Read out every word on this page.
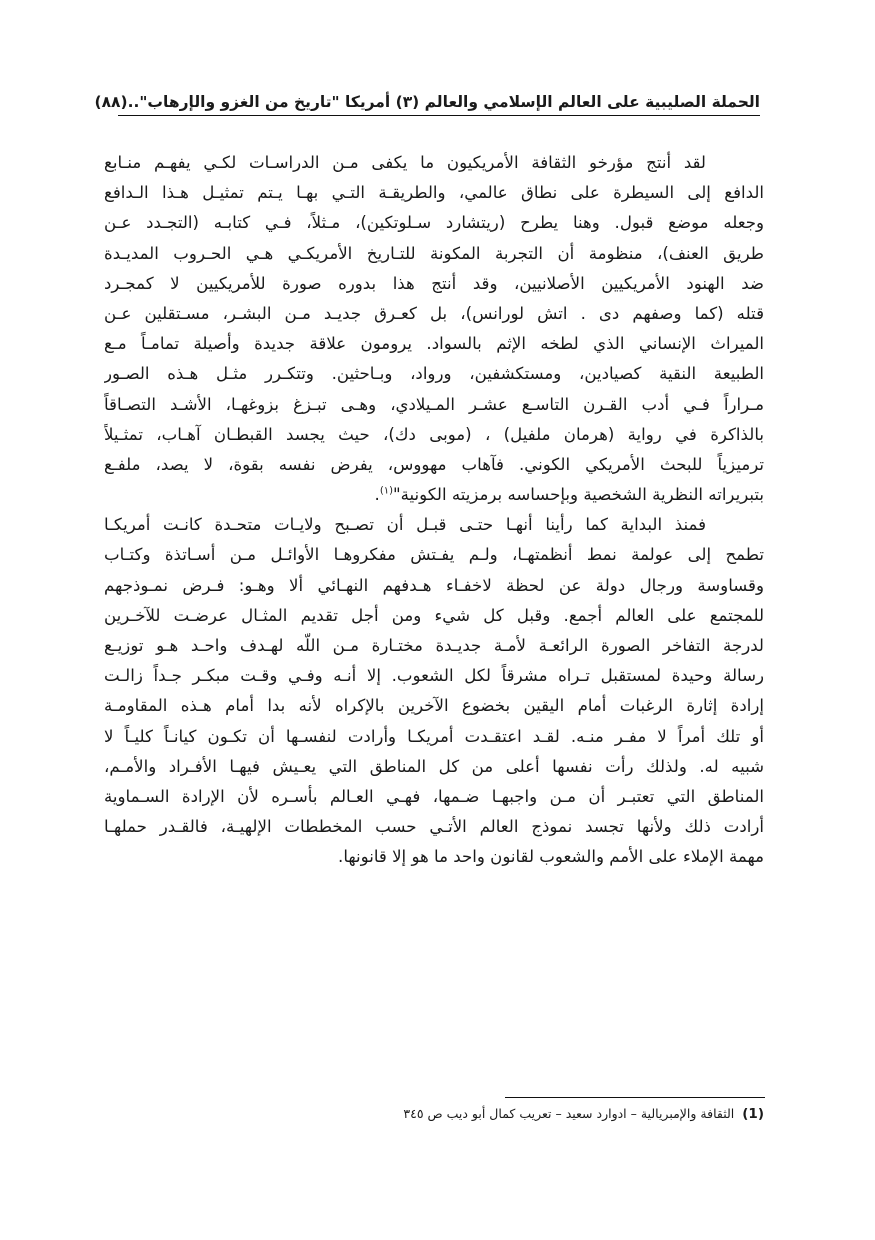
الحملة الصليبية على العالم الإسلامي والعالم (٣) أمريكا "تاريخ من الغزو والإرهاب"..
(٨٨)
لقد أنتج مؤرخو الثقافة الأمريكيون ما يكفى مـن الدراسـات لكـي يفهـم منـابع
الدافع إلى السيطرة على نطاق عالمي، والطريقـة التـي بهـا يـتم تمثيـل هـذا الـدافع
وجعله موضع قبول. وهنا يطرح (ريتشارد سـلوتكين)، مـثلاً، فـي كتابـه (التجـدد عـن
طريق العنف)، منظومة أن التجربة المكونة للتـاريخ الأمريكـي هـي الحـروب المديـدة
ضد الهنود الأمريكيين الأصلانيين، وقد أنتج هذا بدوره صورة للأمريكيين لا كمجـرد
قتله (كما وصفهم دى . اتش لورانس)، بل كعـرق جديـد مـن البشـر، مسـتقلين عـن
الميراث الإنساني الذي لطخه الإثم بالسواد. يرومون علاقة جديدة وأصيلة تمامـاً مـع
الطبيعة النقية كصيادين، ومستكشفين، ورواد، وبـاحثين. وتتكـرر مثـل هـذه الصـور
مـراراً فـي أدب القـرن التاسـع عشـر المـيلادي، وهـى تبـزغ بزوغهـا، الأشـد التصـاقاً
بالذاكرة في رواية (هرمان ملفيل) ، (موبى دك)، حيث يجسد القبطـان آهـاب، تمثـيلاً
ترميزياً للبحث الأمريكي الكوني. فآهاب مهووس، يفرض نفسه بقوة، لا يصد، ملفـع
بتبريراته النظرية الشخصية وبإحساسه برمزيته الكونية"$^{(١)}$.
فمنذ البداية كما رأينا أنهـا حتـى قبـل أن تصـبح ولايـات متحـدة كانـت أمريكـا
تطمح إلى عولمة نمط أنظمتهـا، ولـم يفـتش مفكروهـا الأوائـل مـن أسـاتذة وكتـاب
وقساوسة ورجال دولة عن لحظة لاخفـاء هـدفهم النهـائي ألا وهـو: فـرض نمـوذجهم
للمجتمع على العالم أجمع. وقبل كل شيء ومن أجل تقديم المثـال عرضـت للآخـرين
لدرجة التفاخر الصورة الرائعـة لأمـة جديـدة مختـارة مـن اللّه لهـدف واحـد هـو توزيـع
رسالة وحيدة لمستقبل تـراه مشرقاً لكل الشعوب. إلا أنـه وفـي وقـت مبكـر جـداً زالـت
إرادة إثارة الرغبات أمام اليقين بخضوع الآخرين بالإكراه لأنه بدا أمام هـذه المقاومـة
أو تلك أمراً لا مفـر منـه. لقـد اعتقـدت أمريكـا وأرادت لنفسـها أن تكـون كيانـاً كليـاً لا
شبيه له. ولذلك رأت نفسها أعلى من كل المناطق التي يعـيش فيهـا الأفـراد والأمـم،
المناطق التي تعتبـر أن مـن واجبهـا ضـمها، فهـي العـالم بأسـره لأن الإرادة السـماوية
أرادت ذلك ولأنها تجسد نموذج العالم الأتـي حسب المخططات الإلهيـة، فالقـدر حملهـا
مهمة الإملاء على الأمم والشعوب لقانون واحد ما هو إلا قانونها.
(1) الثقافة والإمبريالية – ادوارد سعيد – تعريب كمال أبو ديب ص ٣٤٥
